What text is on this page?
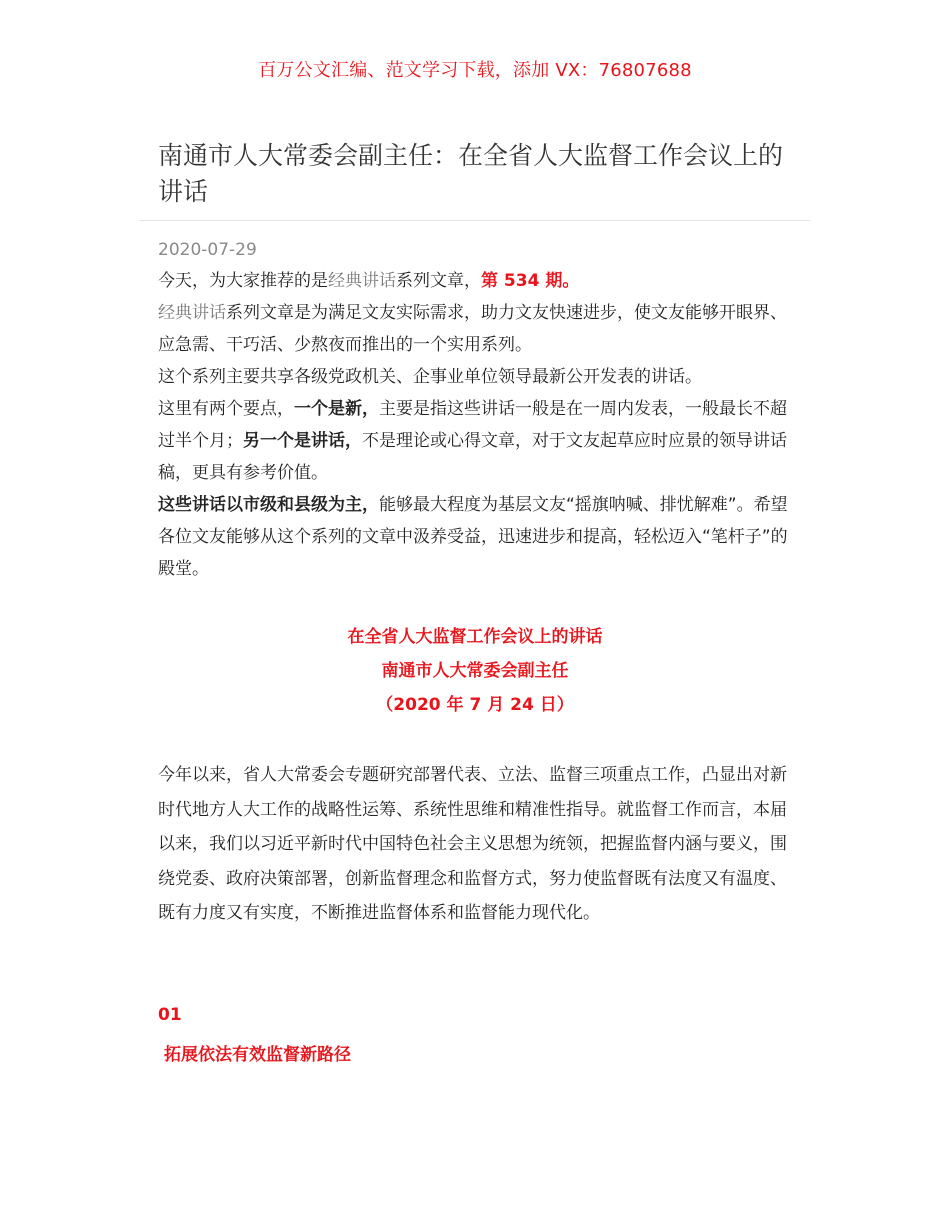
百万公文汇编、范文学习下载，添加 VX：76807688
南通市人大常委会副主任：在全省人大监督工作会议上的讲话
2020-07-29

今天，为大家推荐的是经典讲话系列文章，第 534 期。

经典讲话系列文章是为满足文友实际需求，助力文友快速进步，使文友能够开眼界、应急需、干巧活、少熬夜而推出的一个实用系列。

这个系列主要共享各级党政机关、企事业单位领导最新公开发表的讲话。

这里有两个要点，一个是新，主要是指这些讲话一般是在一周内发表，一般最长不超过半个月；另一个是讲话，不是理论或心得文章，对于文友起草应时应景的领导讲话稿，更具有参考价值。

这些讲话以市级和县级为主，能够最大程度为基层文友“摇旗呐喊、排忧解难”。希望各位文友能够从这个系列的文章中汲养受益，迅速进步和提高，轻松迈入“笔杆子”的殿堂。

在全省人大监督工作会议上的讲话
南通市人大常委会副主任
（2020 年 7 月 24 日）

今年以来，省人大常委会专题研究部署代表、立法、监督三项重点工作，凸显出对新时代地方人大工作的战略性运筹、系统性思维和精准性指导。就监督工作而言，本届以来，我们以习近平新时代中国特色社会主义思想为统领，把握监督内涵与要义，围绕党委、政府决策部署，创新监督理念和监督方式，努力使监督既有法度又有温度、既有力度又有实度，不断推进监督体系和监督能力现代化。

01
拓展依法有效监督新路径
